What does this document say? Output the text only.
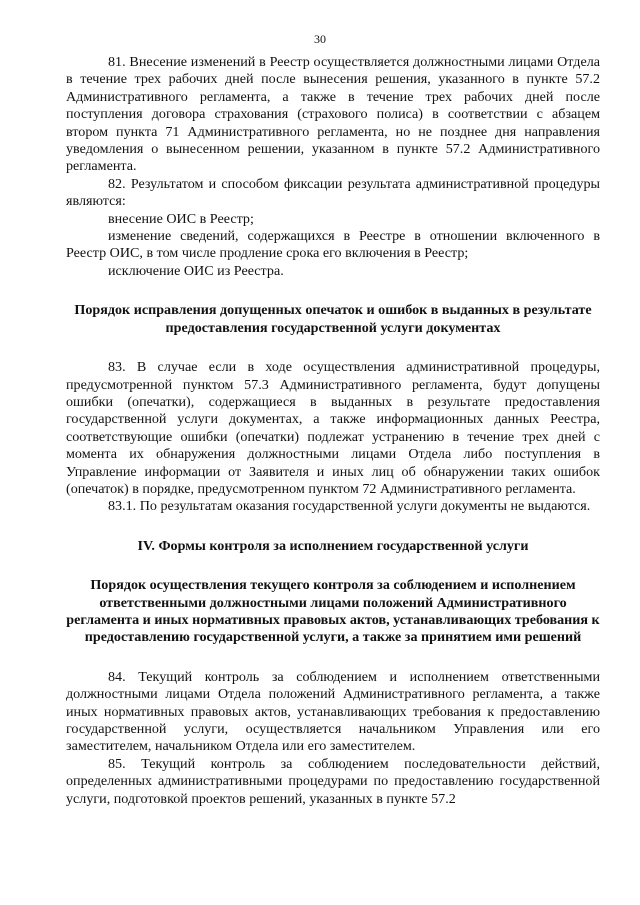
30

81. Внесение изменений в Реестр осуществляется должностными лицами Отдела в течение трех рабочих дней после вынесения решения, указанного в пункте 57.2 Административного регламента, а также в течение трех рабочих дней после поступления договора страхования (страхового полиса) в соответствии с абзацем втором пункта 71 Административного регламента, но не позднее дня направления уведомления о вынесенном решении, указанном в пункте 57.2 Административного регламента.

82. Результатом и способом фиксации результата административной процедуры являются:

внесение ОИС в Реестр;

изменение сведений, содержащихся в Реестре в отношении включенного в Реестр ОИС, в том числе продление срока его включения в Реестр;

исключение ОИС из Реестра.

Порядок исправления допущенных опечаток и ошибок в выданных в результате предоставления государственной услуги документах

83. В случае если в ходе осуществления административной процедуры, предусмотренной пунктом 57.3 Административного регламента, будут допущены ошибки (опечатки), содержащиеся в выданных в результате предоставления государственной услуги документах, а также информационных данных Реестра, соответствующие ошибки (опечатки) подлежат устранению в течение трех дней с момента их обнаружения должностными лицами Отдела либо поступления в Управление информации от Заявителя и иных лиц об обнаружении таких ошибок (опечаток) в порядке, предусмотренном пунктом 72 Административного регламента.

83.1. По результатам оказания государственной услуги документы не выдаются.

IV. Формы контроля за исполнением государственной услуги
Порядок осуществления текущего контроля за соблюдением и исполнением ответственными должностными лицами положений Административного регламента и иных нормативных правовых актов, устанавливающих требования к предоставлению государственной услуги, а также за принятием ими решений

84. Текущий контроль за соблюдением и исполнением ответственными должностными лицами Отдела положений Административного регламента, а также иных нормативных правовых актов, устанавливающих требования к предоставлению государственной услуги, осуществляется начальником Управления или его заместителем, начальником Отдела или его заместителем.

85. Текущий контроль за соблюдением последовательности действий, определенных административными процедурами по предоставлению государственной услуги, подготовкой проектов решений, указанных в пункте 57.2
